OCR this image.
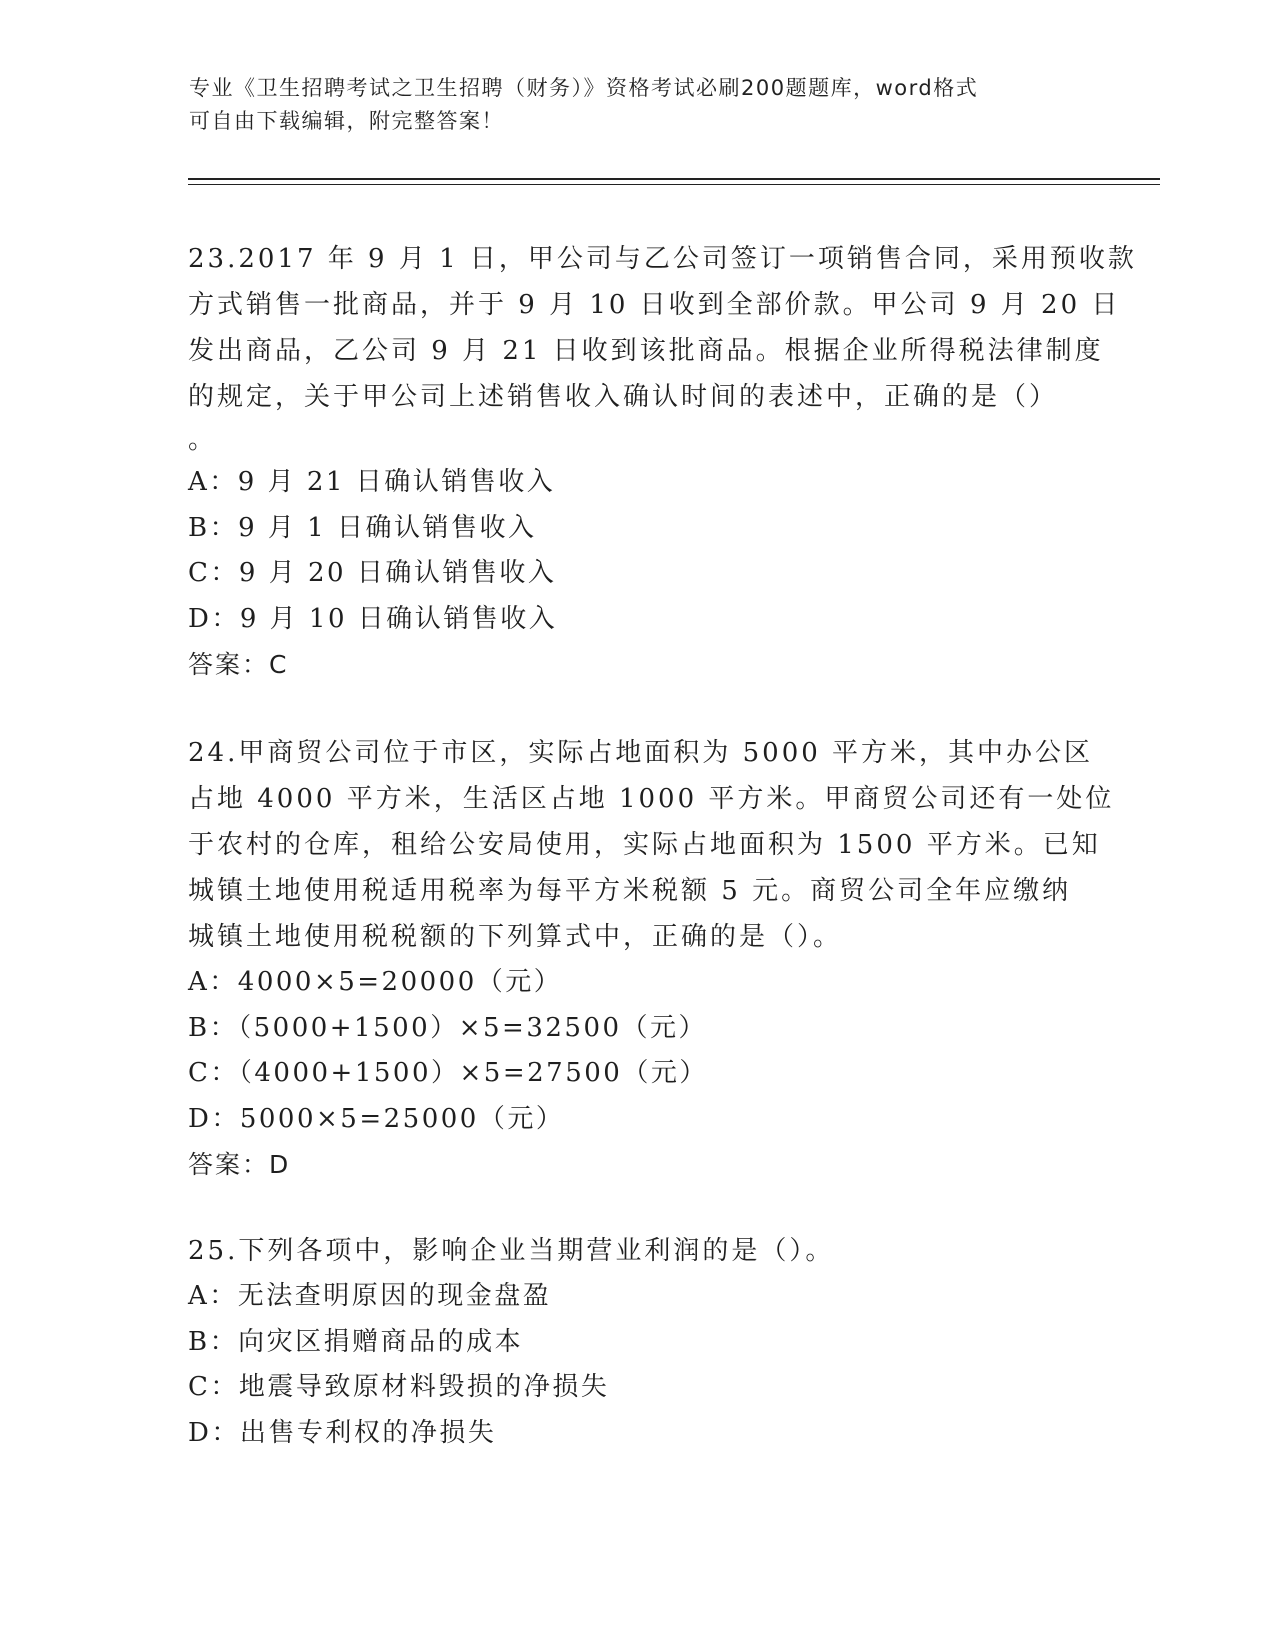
专业《卫生招聘考试之卫生招聘（财务）》资格考试必刷200题题库，word格式
可自由下载编辑，附完整答案！
23.2017 年 9 月 1 日，甲公司与乙公司签订一项销售合同，采用预收款
方式销售一批商品，并于 9 月 10 日收到全部价款。甲公司 9 月 20 日
发出商品，乙公司 9 月 21 日收到该批商品。根据企业所得税法律制度
的规定，关于甲公司上述销售收入确认时间的表述中，正确的是（）
。
A：9 月 21 日确认销售收入
B：9 月 1 日确认销售收入
C：9 月 20 日确认销售收入
D：9 月 10 日确认销售收入
答案：C
24.甲商贸公司位于市区，实际占地面积为 5000 平方米，其中办公区
占地 4000 平方米，生活区占地 1000 平方米。甲商贸公司还有一处位
于农村的仓库，租给公安局使用，实际占地面积为 1500 平方米。已知
城镇土地使用税适用税率为每平方米税额 5 元。商贸公司全年应缴纳
城镇土地使用税税额的下列算式中，正确的是（）。
A：4000×5=20000（元）
B：（5000+1500）×5=32500（元）
C：（4000+1500）×5=27500（元）
D：5000×5=25000（元）
答案：D
25.下列各项中，影响企业当期营业利润的是（）。
A：无法查明原因的现金盘盈
B：向灾区捐赠商品的成本
C：地震导致原材料毁损的净损失
D：出售专利权的净损失
